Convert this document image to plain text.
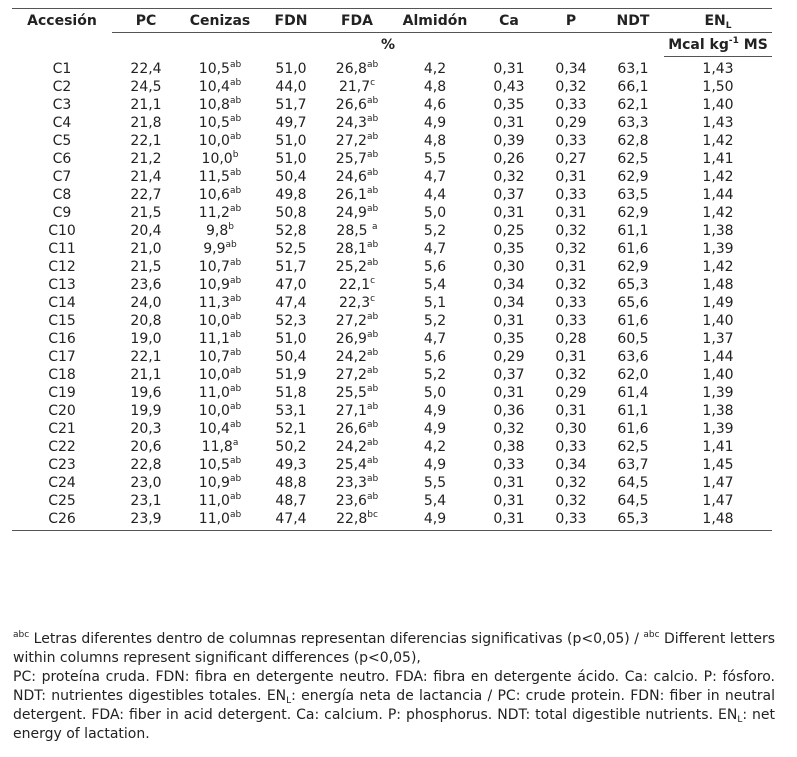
Accesión	PC	Cenizas	FDN	FDA	Almidón	Ca	P	NDT	$EN_L$
	%								Mcal $kg^{-1}$ MS
C1	22,4	10,5$^{ab}$	51,0	26,8$^{ab}$	4,2	0,31	0,34	63,1	1,43
C2	24,5	10,4$^{ab}$	44,0	21,7$^c$	4,8	0,43	0,32	66,1	1,50
C3	21,1	10,8$^{ab}$	51,7	26,6$^{ab}$	4,6	0,35	0,33	62,1	1,40
C4	21,8	10,5$^{ab}$	49,7	24,3$^{ab}$	4,9	0,31	0,29	63,3	1,43
C5	22,1	10,0$^{ab}$	51,0	27,2$^{ab}$	4,8	0,39	0,33	62,8	1,42
C6	21,2	10,0$^b$	51,0	25,7$^{ab}$	5,5	0,26	0,27	62,5	1,41
C7	21,4	11,5$^{ab}$	50,4	24,6$^{ab}$	4,7	0,32	0,31	62,9	1,42
C8	22,7	10,6$^{ab}$	49,8	26,1$^{ab}$	4,4	0,37	0,33	63,5	1,44
C9	21,5	11,2$^{ab}$	50,8	24,9$^{ab}$	5,0	0,31	0,31	62,9	1,42
C10	20,4	9,8$^b$	52,8	28,5 $^a$	5,2	0,25	0,32	61,1	1,38
C11	21,0	9,9$^{ab}$	52,5	28,1$^{ab}$	4,7	0,35	0,32	61,6	1,39
C12	21,5	10,7$^{ab}$	51,7	25,2$^{ab}$	5,6	0,30	0,31	62,9	1,42
C13	23,6	10,9$^{ab}$	47,0	22,1$^c$	5,4	0,34	0,32	65,3	1,48
C14	24,0	11,3$^{ab}$	47,4	22,3$^c$	5,1	0,34	0,33	65,6	1,49
C15	20,8	10,0$^{ab}$	52,3	27,2$^{ab}$	5,2	0,31	0,33	61,6	1,40
C16	19,0	11,1$^{ab}$	51,0	26,9$^{ab}$	4,7	0,35	0,28	60,5	1,37
C17	22,1	10,7$^{ab}$	50,4	24,2$^{ab}$	5,6	0,29	0,31	63,6	1,44
C18	21,1	10,0$^{ab}$	51,9	27,2$^{ab}$	5,2	0,37	0,32	62,0	1,40
C19	19,6	11,0$^{ab}$	51,8	25,5$^{ab}$	5,0	0,31	0,29	61,4	1,39
C20	19,9	10,0$^{ab}$	53,1	27,1$^{ab}$	4,9	0,36	0,31	61,1	1,38
C21	20,3	10,4$^{ab}$	52,1	26,6$^{ab}$	4,9	0,32	0,30	61,6	1,39
C22	20,6	11,8$^a$	50,2	24,2$^{ab}$	4,2	0,38	0,33	62,5	1,41
C23	22,8	10,5$^{ab}$	49,3	25,4$^{ab}$	4,9	0,33	0,34	63,7	1,45
C24	23,0	10,9$^{ab}$	48,8	23,3$^{ab}$	5,5	0,31	0,32	64,5	1,47
C25	23,1	11,0$^{ab}$	48,7	23,6$^{ab}$	5,4	0,31	0,32	64,5	1,47
C26	23,9	11,0$^{ab}$	47,4	22,8$^{bc}$	4,9	0,31	0,33	65,3	1,48

$^{abc}$ Letras diferentes dentro de columnas representan diferencias significativas (p<0,05) / $^{abc}$ Different letters within columns represent significant differences (p<0,05),

PC: proteína cruda. FDN: fibra en detergente neutro. FDA: fibra en detergente ácido. Ca: calcio. P: fósforo. NDT: nutrientes digestibles totales. $EN_L$: energía neta de lactancia / PC: crude protein. FDN: fiber in neutral detergent. FDA: fiber in acid detergent. Ca: calcium. P: phosphorus. NDT: total digestible nutrients. $EN_L$: net energy of lactation.
